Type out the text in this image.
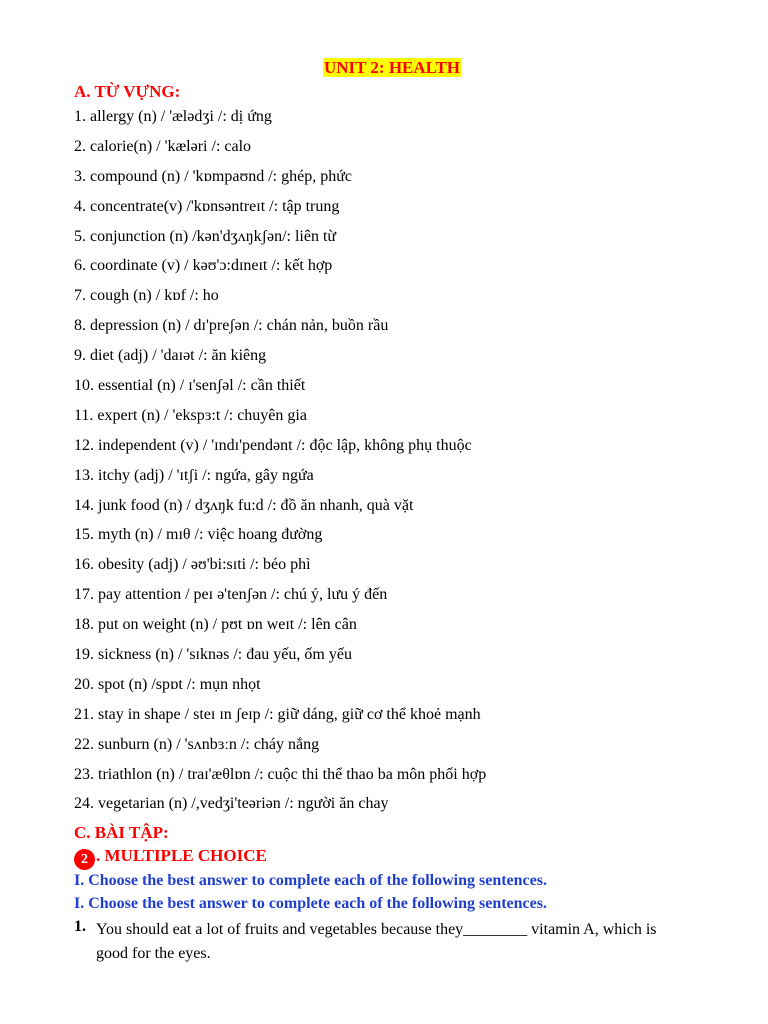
UNIT 2: HEALTH
A. TỪ VỰNG:
1. allergy (n) / 'ælədʒi /: dị ứng
2. calorie(n) / 'kæləri /: calo
3. compound (n) / 'kɒmpaʊnd /: ghép, phức
4. concentrate(v) /'kɒnsəntreɪt /: tập trung
5. conjunction (n) /kən'dʒʌŋkʃən/: liên từ
6. coordinate (v) / kəʊ'ɔ:dɪneɪt /: kết hợp
7. cough (n) / kɒf /: ho
8. depression (n) / dɪ'preʃən /: chán nản, buồn rầu
9. diet (adj) / 'daɪət /: ăn kiêng
10. essential (n) / ɪ'senʃəl /: cần thiết
11. expert (n) / 'ekspɜ:t /: chuyên gia
12. independent (v) / 'ɪndɪ'pendənt /: độc lập, không phụ thuộc
13. itchy (adj) / 'ɪtʃi /: ngứa, gây ngứa
14. junk food (n) / dʒʌŋk fu:d /: đồ ăn nhanh, quà vặt
15. myth (n) / mɪθ /: việc hoang đường
16. obesity (adj) / əʊ'bi:sɪti /: béo phì
17. pay attention / peɪ ə'tenʃən /: chú ý, lưu ý đến
18. put on weight (n) / pʊt ɒn weɪt /: lên cân
19. sickness (n) / 'sɪknəs /: đau yếu, ốm yếu
20. spot (n) /spɒt /: mụn nhọt
21. stay in shape / steɪ ɪn ʃeɪp /: giữ dáng, giữ cơ thể khoẻ mạnh
22. sunburn (n) / 'sʌnbɜːn /: cháy nắng
23. triathlon (n) / traɪ'æθlɒn /: cuộc thi thể thao ba môn phối hợp
24. vegetarian (n) /,vedʒi'teəriən /: người ăn chay
C. BÀI TẬP:
2 . MULTIPLE CHOICE
I. Choose the best answer to complete each of the following sentences.
I. Choose the best answer to complete each of the following sentences.
1. You should eat a lot of fruits and vegetables because they________ vitamin A, which is good for the eyes.
